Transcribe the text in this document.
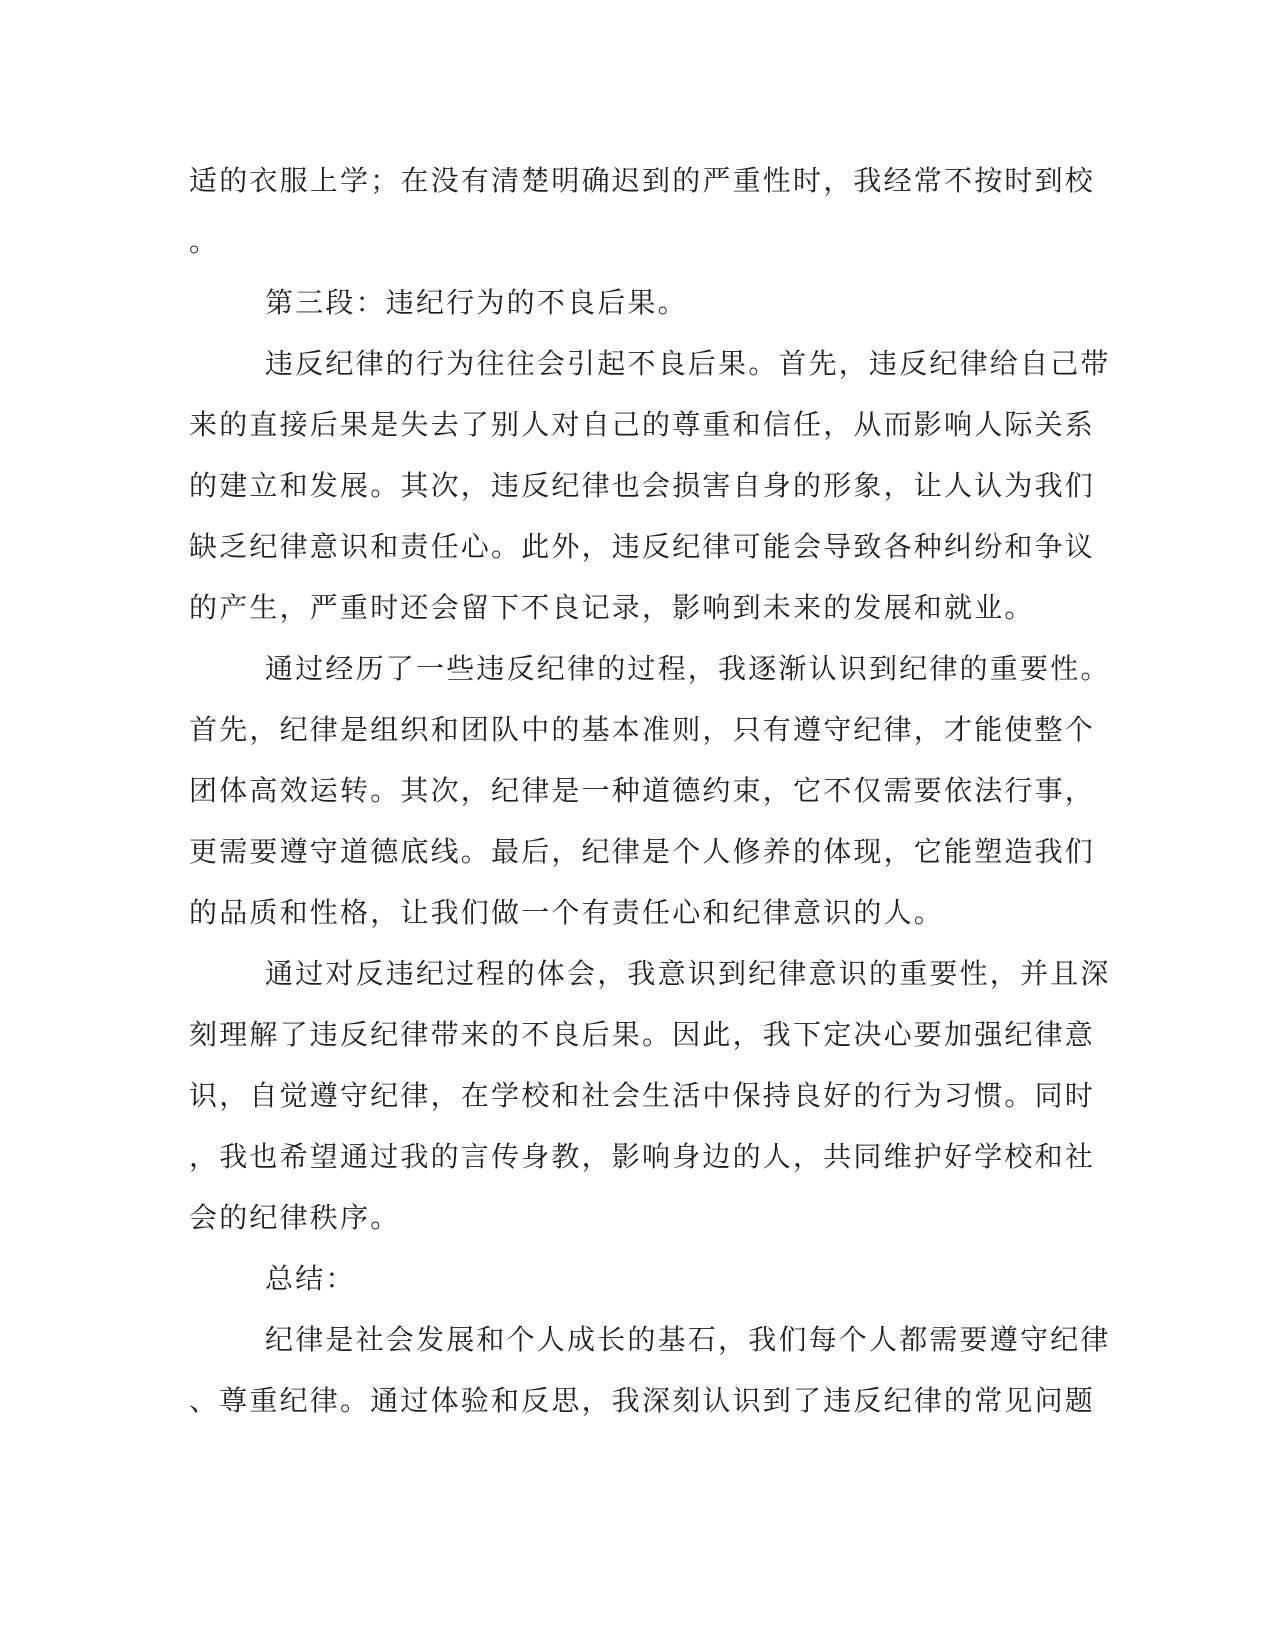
适的衣服上学；在没有清楚明确迟到的严重性时，我经常不按时到校
。
第三段：违纪行为的不良后果。
违反纪律的行为往往会引起不良后果。首先，违反纪律给自己带
来的直接后果是失去了别人对自己的尊重和信任，从而影响人际关系
的建立和发展。其次，违反纪律也会损害自身的形象，让人认为我们
缺乏纪律意识和责任心。此外，违反纪律可能会导致各种纠纷和争议
的产生，严重时还会留下不良记录，影响到未来的发展和就业。
通过经历了一些违反纪律的过程，我逐渐认识到纪律的重要性。
首先，纪律是组织和团队中的基本准则，只有遵守纪律，才能使整个
团体高效运转。其次，纪律是一种道德约束，它不仅需要依法行事，
更需要遵守道德底线。最后，纪律是个人修养的体现，它能塑造我们
的品质和性格，让我们做一个有责任心和纪律意识的人。
通过对反违纪过程的体会，我意识到纪律意识的重要性，并且深
刻理解了违反纪律带来的不良后果。因此，我下定决心要加强纪律意
识，自觉遵守纪律，在学校和社会生活中保持良好的行为习惯。同时
，我也希望通过我的言传身教，影响身边的人，共同维护好学校和社
会的纪律秩序。
总结：
纪律是社会发展和个人成长的基石，我们每个人都需要遵守纪律
、尊重纪律。通过体验和反思，我深刻认识到了违反纪律的常见问题
